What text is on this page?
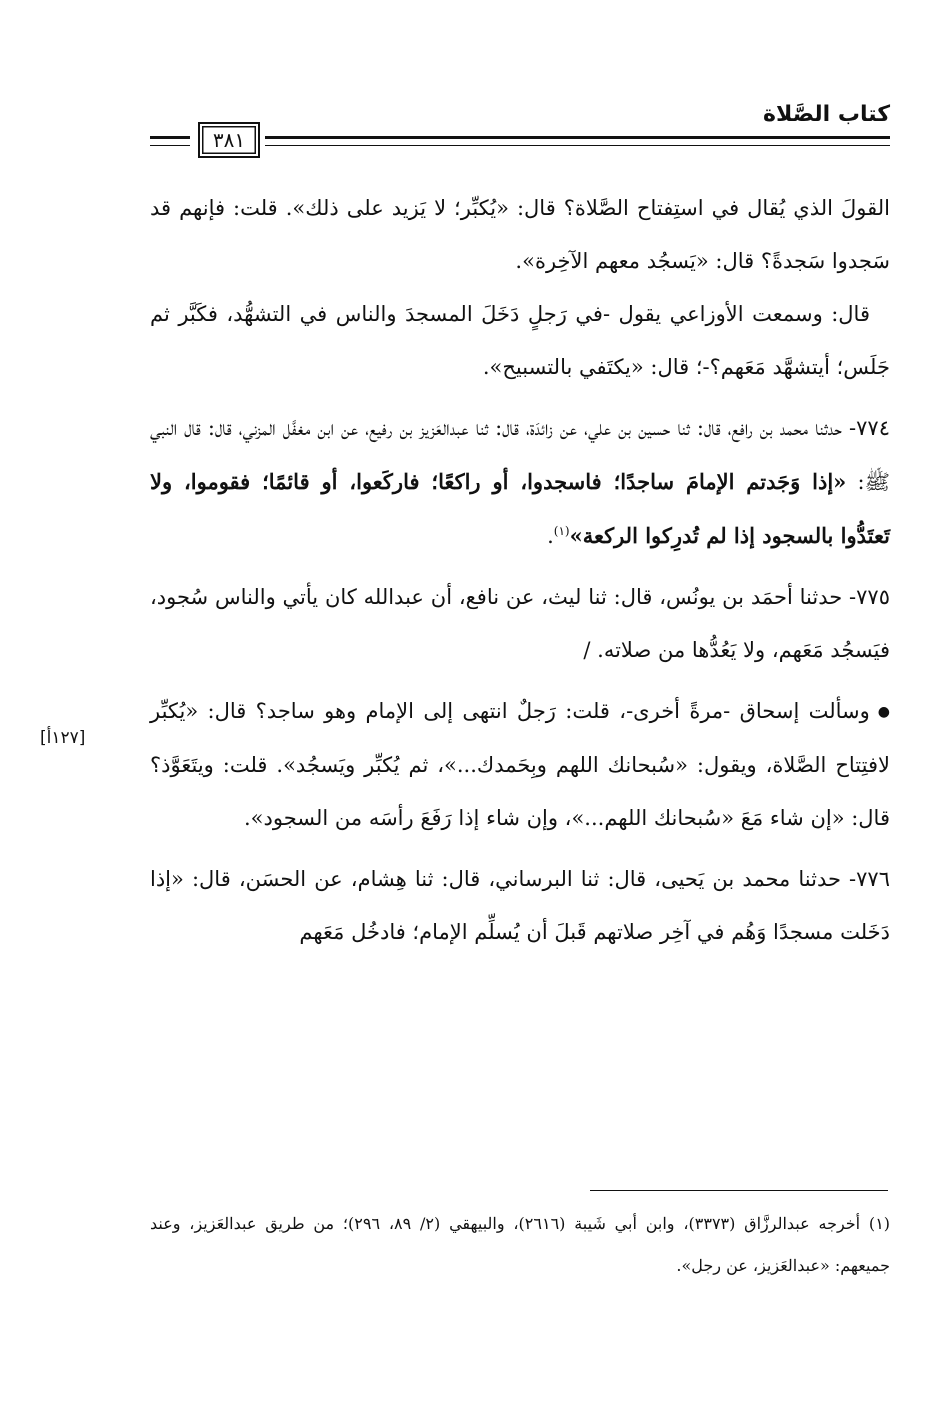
كتاب الصَّلاة
٣٨١
[١٢٧أ]

القولَ الذي يُقال في استِفتاح الصَّلاة؟ قال: «يُكبِّر؛ لا يَزيد على ذلك». قلت: فإنهم قد سَجدوا سَجدةً؟ قال: «يَسجُد معهم الآخِرة».

قال: وسمعت الأوزاعي يقول -في رَجلٍ دَخَلَ المسجدَ والناس في التشهُّد، فكَبَّر ثم جَلَس؛ أيتشهَّد مَعَهم؟-؛ قال: «يكتَفي بالتسبيح».

٧٧٤- حدثنا محمد بن رافع، قال: ثنا حسين بن علي، عن زائدَة، قال: ثنا عبدالعَزيز بن رفيع، عن ابن مغفَّل المزني، قال: قال النبي ﷺ: «إذا وَجَدتم الإمامَ ساجدًا؛ فاسجدوا، أو راكعًا؛ فاركَعوا، أو قائمًا؛ فقوموا، ولا تَعتَدُّوا بالسجود إذا لم تُدرِكوا الركعة»$^{(١)}$.

٧٧٥- حدثنا أحمَد بن يونُس، قال: ثنا ليث، عن نافع، أن عبدالله كان يأتي والناس سُجود، فيَسجُد مَعَهم، ولا يَعُدُّها من صلاته. /

●وسألت إسحاق -مرةً أخرى-، قلت: رَجلٌ انتهى إلى الإمام وهو ساجد؟ قال: «يُكبِّر لافتِتاح الصَّلاة، ويقول: «سُبحانك اللهم وبِحَمدك...»، ثم يُكبِّر ويَسجُد». قلت: ويتَعَوَّذ؟ قال: «إن شاء مَعَ «سُبحانك اللهم...»، وإن شاء إذا رَفَعَ رأسَه من السجود».

٧٧٦- حدثنا محمد بن يَحيى، قال: ثنا البرساني، قال: ثنا هِشام، عن الحسَن، قال: «إذا دَخَلت مسجدًا وَهُم في آخِر صلاتهم قَبلَ أن يُسلِّم الإمام؛ فادخُل مَعَهم

(١) أخرجه عبدالرزَّاق (٣٣٧٣)، وابن أبي شَيبة (٢٦١٦)، والبيهقي (٢/ ٨٩، ٢٩٦)؛ من طريق عبدالعَزيز، وعند جميعهم: «عبدالعَزيز، عن رجل».
